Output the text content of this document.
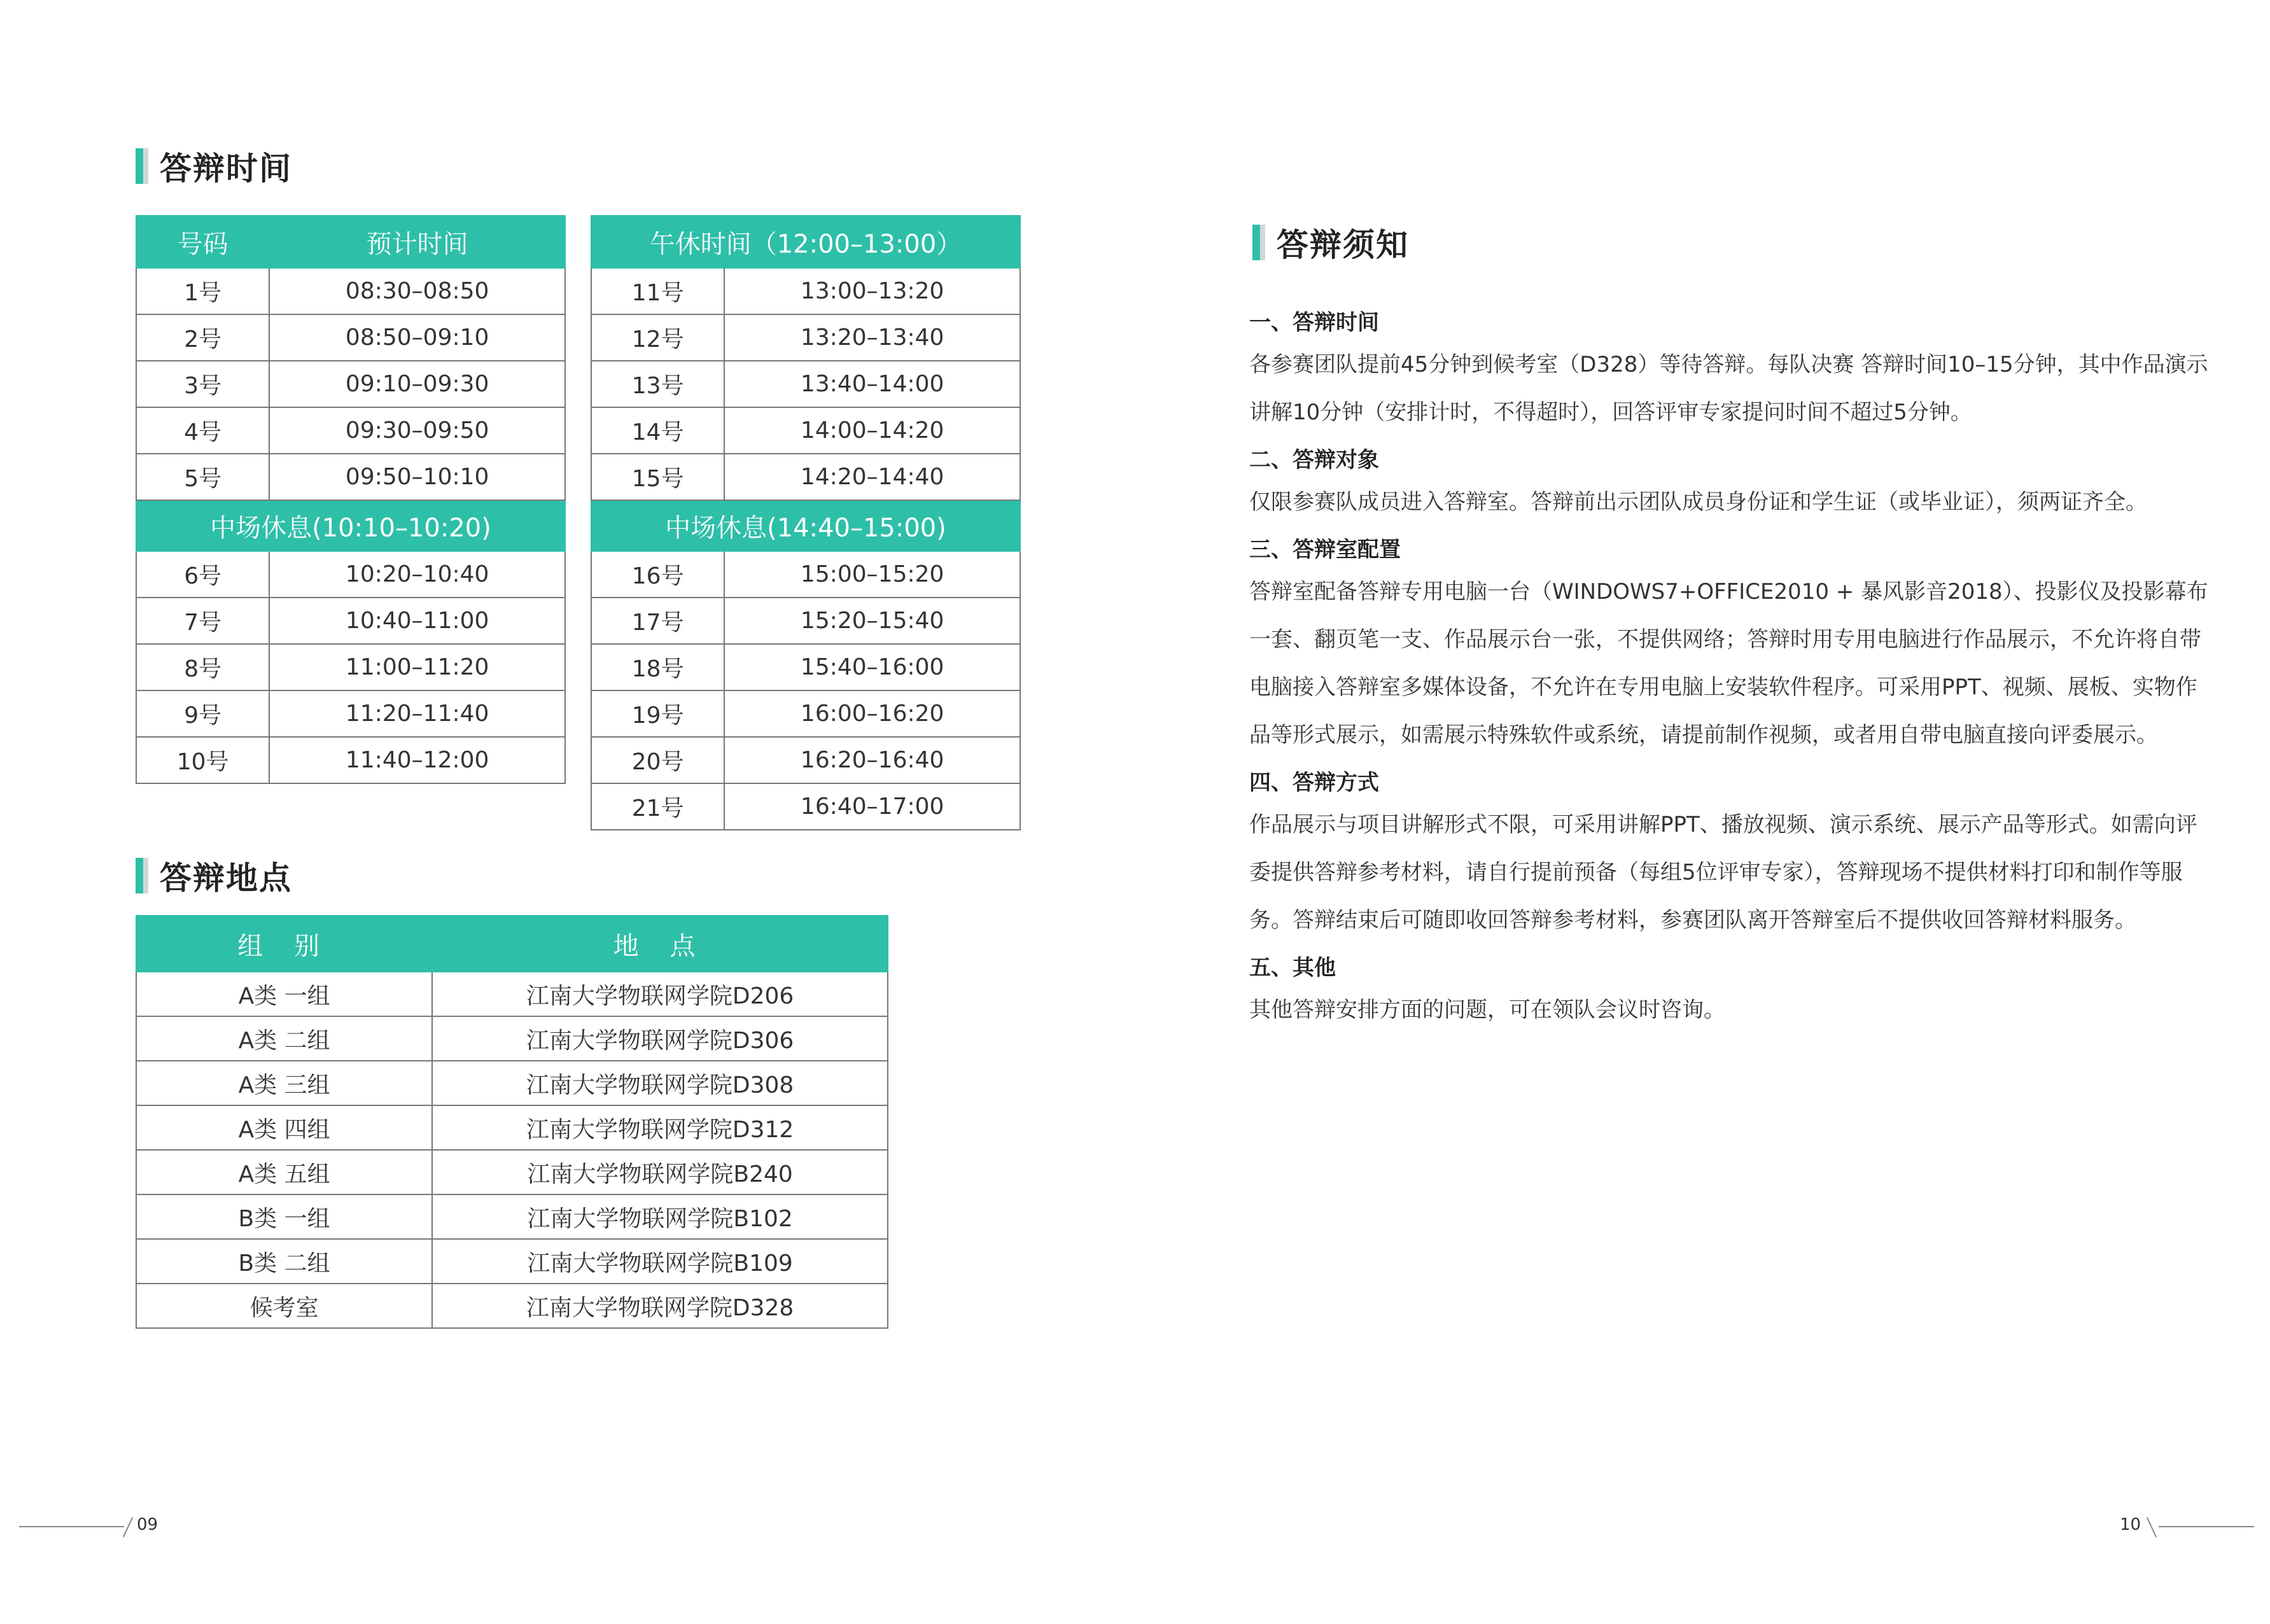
答辩时间
号码	预计时间
1号	08:30–08:50
2号	08:50–09:10
3号	09:10–09:30
4号	09:30–09:50
5号	09:50–10:10
中场休息(10:10–10:20)	
6号	10:20–10:40
7号	10:40–11:00
8号	11:00–11:20
9号	11:20–11:40
10号	11:40–12:00
午休时间（12:00–13:00）	
11号	13:00–13:20
12号	13:20–13:40
13号	13:40–14:00
14号	14:00–14:20
15号	14:20–14:40
中场休息(14:40–15:00)	
16号	15:00–15:20
17号	15:20–15:40
18号	15:40–16:00
19号	16:00–16:20
20号	16:20–16:40
21号	16:40–17:00
答辩地点
组 别	地 点
A类 一组	江南大学物联网学院D206
A类 二组	江南大学物联网学院D306
A类 三组	江南大学物联网学院D308
A类 四组	江南大学物联网学院D312
A类 五组	江南大学物联网学院B240
B类 一组	江南大学物联网学院B102
B类 二组	江南大学物联网学院B109
候考室	江南大学物联网学院D328
答辩须知
一、答辩时间
各参赛团队提前45分钟到候考室（D328）等待答辩。每队决赛 答辩时间10–15分钟，其中作品演示讲解10分钟（安排计时，不得超时），回答评审专家提问时间不超过5分钟。
二、答辩对象
仅限参赛队成员进入答辩室。答辩前出示团队成员身份证和学生证（或毕业证），须两证齐全。
三、答辩室配置
答辩室配备答辩专用电脑一台（WINDOWS7+OFFICE2010 + 暴风影音2018）、投影仪及投影幕布一套、翻页笔一支、作品展示台一张，不提供网络；答辩时用专用电脑进行作品展示，不允许将自带电脑接入答辩室多媒体设备，不允许在专用电脑上安装软件程序。可采用PPT、视频、展板、实物作品等形式展示，如需展示特殊软件或系统，请提前制作视频，或者用自带电脑直接向评委展示。
四、答辩方式
作品展示与项目讲解形式不限，可采用讲解PPT、播放视频、演示系统、展示产品等形式。如需向评委提供答辩参考材料，请自行提前预备（每组5位评审专家），答辩现场不提供材料打印和制作等服务。答辩结束后可随即收回答辩参考材料，参赛团队离开答辩室后不提供收回答辩材料服务。
五、其他
其他答辩安排方面的问题，可在领队会议时咨询。
09	10
